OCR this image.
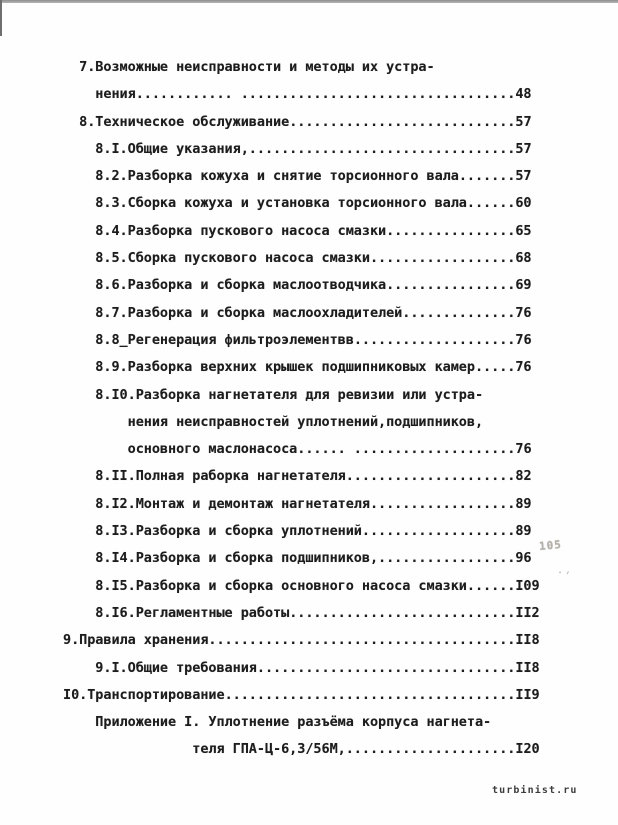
7.Возможные неисправности и методы их устра-
нения............ ..................................48
8.Техническое обслуживание............................57
8.I.Общие указания,.................................57
8.2.Разборка кожуха и снятие торсионного вала.......57
8.3.Сборка кожуха и установка торсионного вала......60
8.4.Разборка пускового насоса смазки................65
8.5.Сборка пускового насоса смазки..................68
8.6.Разборка и сборка маслоотводчика................69
8.7.Разборка и сборка маслоохладителей..............76
8.8_Регенерация фильтроэлементвв....................76
8.9.Разборка верхних крышек подшипниковых камер.....76
8.I0.Разборка нагнетателя для ревизии или устра-
нения неисправностей уплотнений,подшипников,
основного маслонасоса...... ....................76
8.II.Полная раборка нагнетателя.....................82
8.I2.Монтаж и демонтаж нагнетателя..................89
8.I3.Разборка и сборка уплотнений...................89
8.I4.Разборка и сборка подшипников,.................96
8.I5.Разборка и сборка основного насоса смазки......I09
8.I6.Регламентные работы............................II2
9.Правила хранения......................................II8
9.I.Общие требования................................II8
I0.Транспортирование....................................II9
Приложение I. Уплотнение разъёма корпуса нагнета-
теля ГПА-Ц-6,3/56М,.....................I20
105
·'
turbinist.ru
